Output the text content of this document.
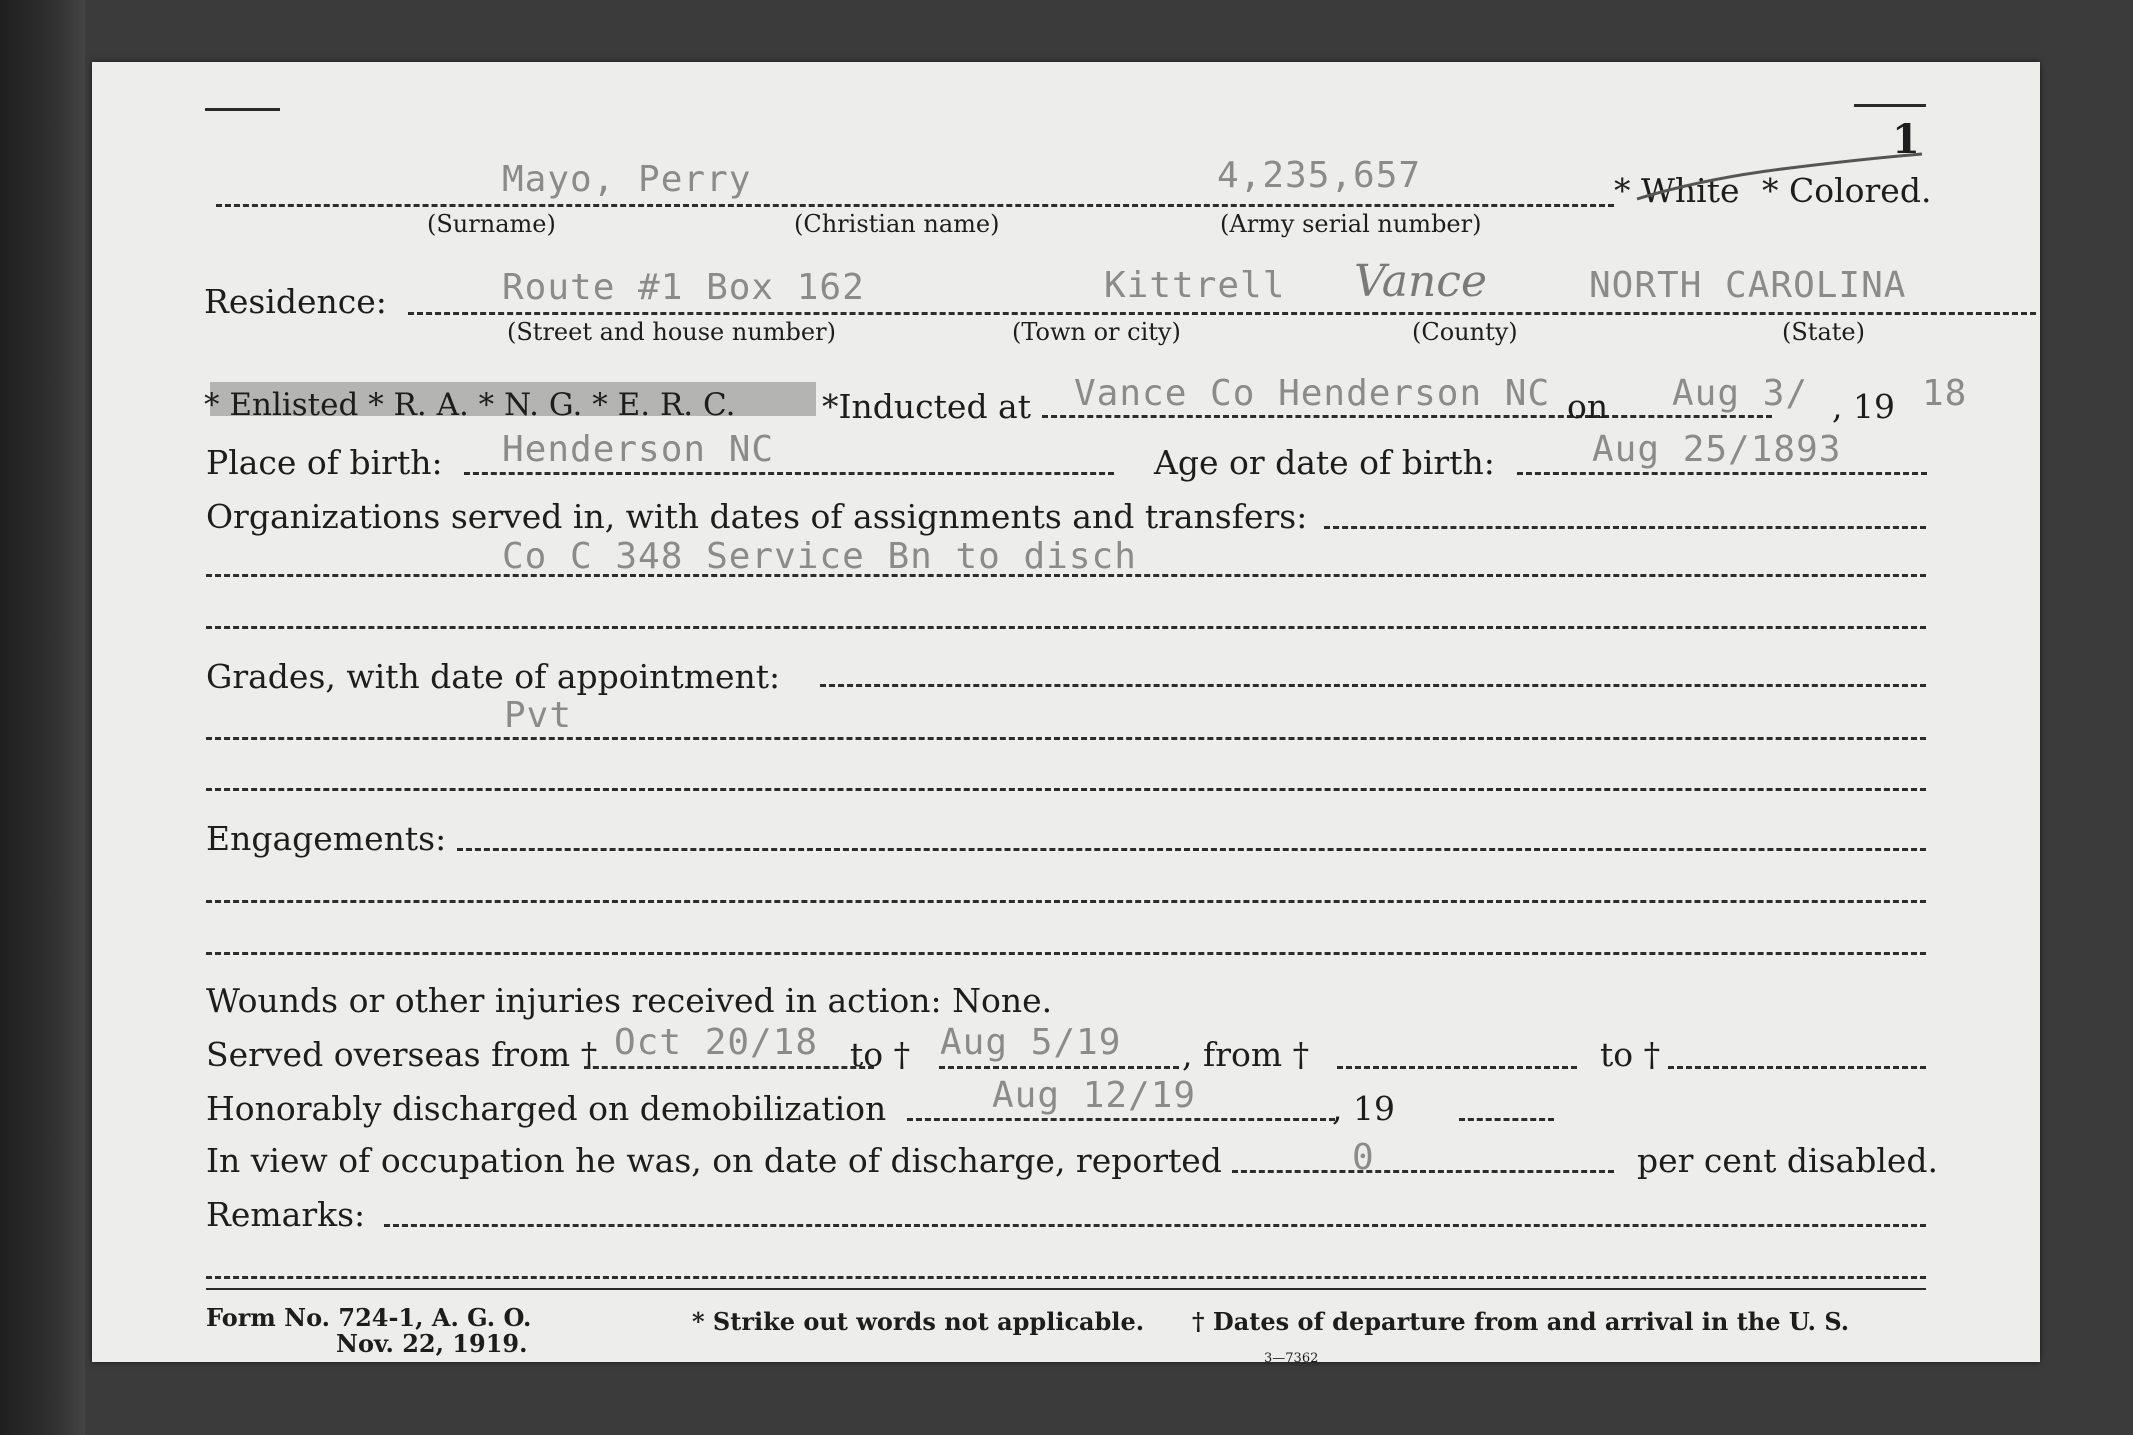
1
Mayo, Perry	4,235,657	* White * Colored.
(Surname)	(Christian name)	(Army serial number)
Residence:	Route #1 Box 162	Kittrell Vance	NORTH CAROLINA
(Street and house number)	(Town or city)	(County)	(State)
* Enlisted * R. A. * N. G. * E. R. C.	*Inducted at Vance Co Henderson NC on Aug 3/ , 19 18
Place of birth: Henderson NC	Age or date of birth:	Aug 25/1893
Organizations served in, with dates of assignments and transfers:
Co C 348 Service Bn to disch
Grades, with date of appointment:
Pvt
Engagements:
Wounds or other injuries received in action: None.
Served overseas from † Oct 20/18 to † Aug 5/19 , from †	to †
Honorably discharged on demobilization	Aug 12/19	, 19
In view of occupation he was, on date of discharge, reported	0	per cent disabled.
Remarks:
Form No. 724-1, A. G. O.
Nov. 22, 1919.
* Strike out words not applicable. † Dates of departure from and arrival in the U. S.
3—7362
